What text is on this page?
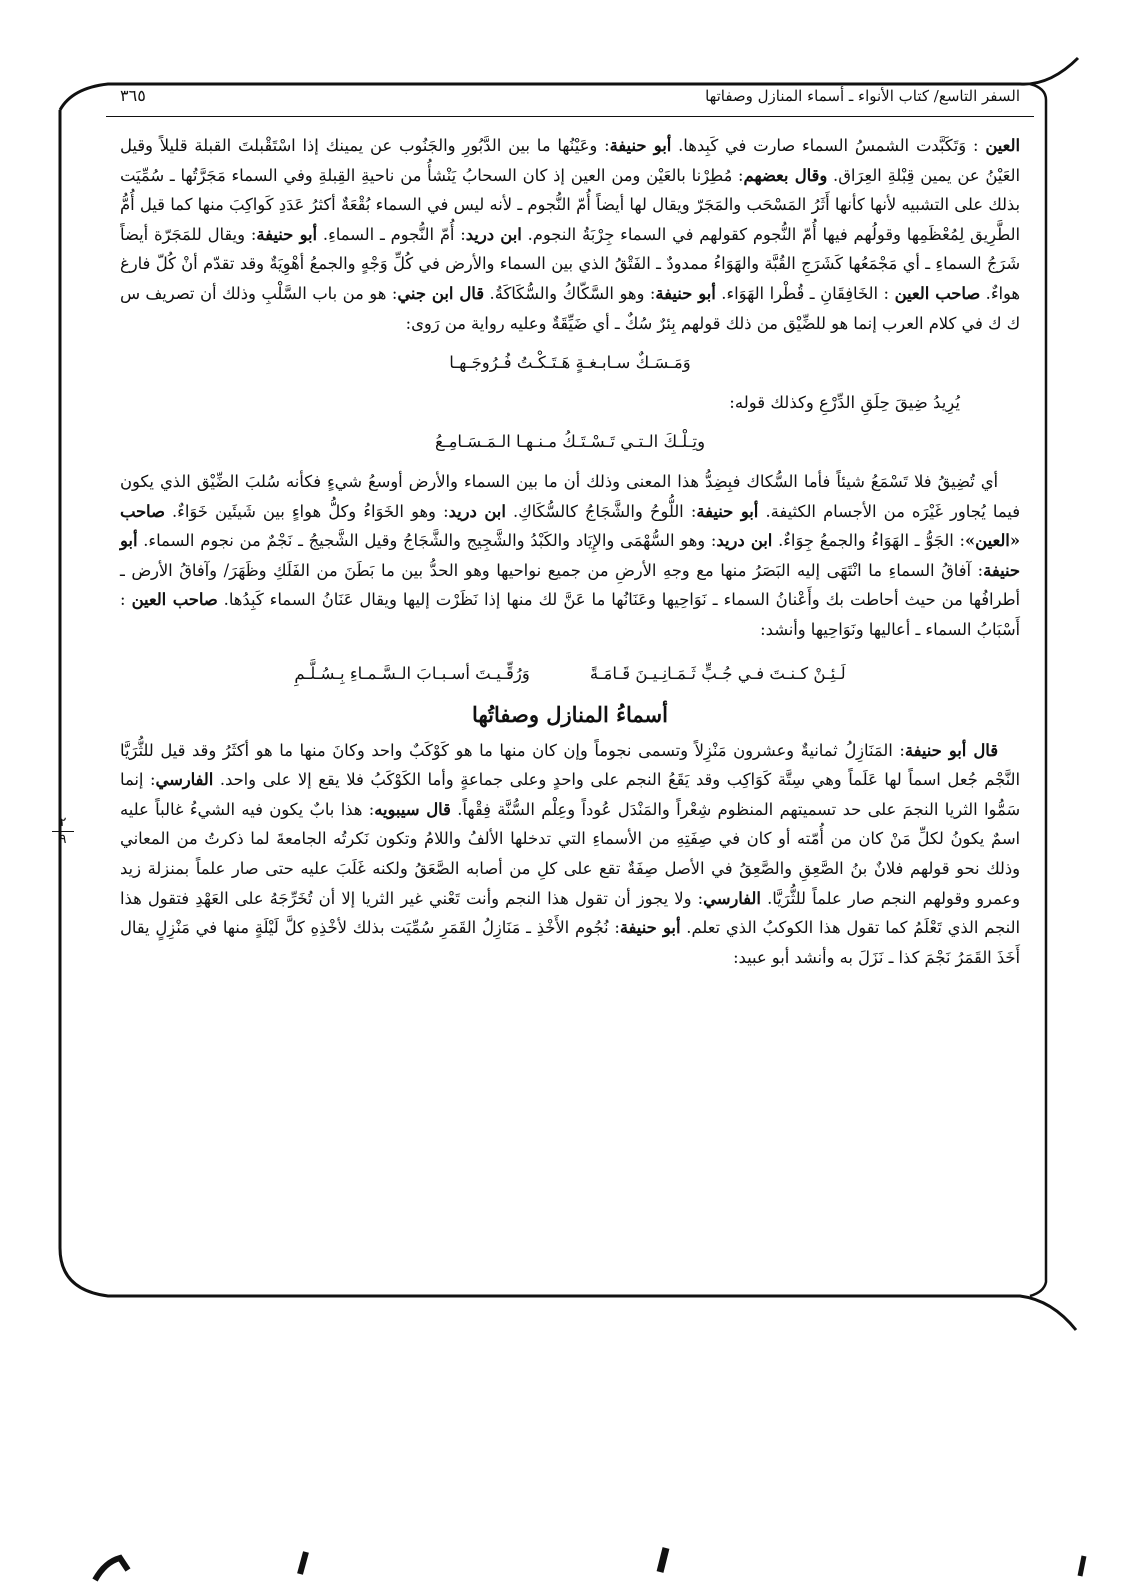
السفر التاسع/ كتاب الأنواء ـ أسماء المنازل وصفاتها
٣٦٥

العين : وَتَكَبَّدت الشمسُ السماء صارت في كَبِدها. أبو حنيفة: وعَيْنُها ما بين الدَّبُورِ والجَنُوب عن يمينك إذا اسْتَقْبلتَ القبلة قليلاً وقيل العَيْنُ عن يمين قِبْلةِ العِرَاق. وقال بعضهم: مُطِرْنا بالعَيْن ومن العين إذ كان السحابُ يَنْشأُ من ناحيةِ القِبلةِ وفي السماء مَجَرَّتُها ـ سُمِّيَت بذلك على التشبيه لأنها كأنها أَثَرُ المَسْحَب والمَجَرّ ويقال لها أيضاً أُمّ النُّجوم ـ لأنه ليس في السماء بُقْعَةٌ أكثرُ عَدَدِ كَواكِبَ منها كما قيل أُمُّ الطَّرِيق لِمُعْظَمِها وقولُهم فيها أُمّ النُّجوم كقولهم في السماء جِرْبَةُ النجوم. ابن دريد: أُمّ النُّجوم ـ السماءِ. أبو حنيفة: ويقال للمَجَرّة أيضاً شَرَجُ السماءِ ـ أي مَجْمَعُها كَشَرَجِ القُبَّة والهَوَاءُ ممدودٌ ـ الفَتْقُ الذي بين السماء والأرض في كُلِّ وَجْهٍ والجمعُ أهْوِيَةٌ وقد تقدّم أنْ كُلّ فارغ هواءٌ. صاحب العين : الخَافِقَانِ ـ قُطْرا الهَوَاء. أبو حنيفة: وهو السَّكّاكُ والسُّكَاكَةُ. قال ابن جني: هو من باب السَّلْبِ وذلك أن تصريف س ك ك في كلام العرب إنما هو للضِّيْق من ذلك قولهم بِئرٌ سُكٌ ـ أي ضَيِّقَةٌ وعليه رواية من رَوى:

وَمَـسَـكٌ سـابـغـةٍ هَـتَـكْـتُ فُـرُوجَـهـا
يُرِيدُ ضِيقَ حِلَقِ الدِّرْعِ وكذلك قوله:
وتِـلْـكَ الـتـي تَـسْـتَـكُ مـنـهـا الـمَـسَـامِـعُ

أي تُضِيقُ فلا تَسْمَعُ شيئاً فأما السُّكاك فبِضِدُّ هذا المعنى وذلك أن ما بين السماء والأرض أوسعُ شيءٍ فكأنه سُلبَ الضِّيْق الذي يكون فيما يُجاور غَيْرَه من الأجسام الكثيفة. أبو حنيفة: اللُّوحُ والشَّجَاجُ كالسُّكَاكِ. ابن دريد: وهو الخَوَاءُ وكلُّ هواءٍ بين شَيئَين خَوَاءٌ. صاحب «العين»: الجَوُّ ـ الهَوَاءُ والجمعُ جِوَاءٌ. ابن دريد: وهو السُّهْمَى والإِيَاد والكَبْدُ والشَّجِيج والشَّجَاجُ وقيل الشَّجيجُ ـ نَجْمٌ من نجوم السماء. أبو حنيفة: آفاقُ السماءِ ما انْتَهَى إليه البَصَرُ منها مع وجهِ الأرضِ من جميع نواحيها وهو الحدُّ بين ما بَطَنَ من الفَلَكِ وظَهَرَ/ وآفاقُ الأرض ـ أطرافُها من حيث أحاطت بك وأَعْنانُ السماء ـ نَوَاحِيها وعَنَانُها ما عَنَّ لك منها إذا نَظَرْت إليها ويقال عَنَانُ السماء كَبِدُها. صاحب العين : أَسْبَابُ السماء ـ أعاليها ونَوَاحِيها وأنشد:

لَـئِـنْ كـنـتَ فـي جُـبٍّ ثَـمَـانِـيـنَ قَـامَـةً
وَرُقِّـيـتَ أسـبـابَ الـسَّـمـاءِ بِـسُـلَّـمِ
أسماءُ المنازل وصفاتُها

قال أبو حنيفة: المَنَازِلُ ثمانيةٌ وعشرون مَنْزِلاً وتسمى نجوماً وإن كان منها ما هو كَوْكَبٌ واحد وكانَ منها ما هو أكثَرُ وقد قيل للثُّرَيَّا النَّجْم جُعل اسماً لها عَلَماً وهي سِتَّة كَوَاكِب وقد يَقَعُ النجم على واحدٍ وعلى جماعةٍ وأما الكَوْكَبُ فلا يقع إلا على واحد. الفارسي: إنما سَمُّوا الثريا النجمَ على حد تسميتهم المنظوم شِعْراً والمَنْدَل عُوداً وعِلْم السُّنَّة فِقْهاً. قال سيبويه: هذا بابٌ يكون فيه الشيءُ غالباً عليه اسمٌ يكونُ لكلِّ مَنْ كان من أُمّته أو كان في صِفَتِهِ من الأسماءِ التي تدخلها الألفُ واللامُ وتكون نَكرتُه الجامعةَ لما ذكرتُ من المعاني وذلك نحو قولهم فلانٌ بنُ الصَّعِقِ والصَّعِقُ في الأصل صِفَةٌ تقع على كلِ من أصابه الصَّعَقُ ولكنه غَلَبَ عليه حتى صار علماً بمنزلة زيد وعمرو وقولهم النجم صار علماً للثُّرَيَّا. الفارسي: ولا يجوز أن تقول هذا النجم وأنت تَعْني غير الثريا إلا أن تُخَرِّجَهُ على العَهْدِ فتقول هذا النجم الذي تَعْلَمُ كما تقول هذا الكوكبُ الذي تعلم. أبو حنيفة: نُجُوم الأَخْذِ ـ مَنَازِلُ القَمَرِ سُمِّيَت بذلك لأخْذِهِ كلَّ لَيْلَةٍ منها في مَنْزِلٍ يقال أَخَذَ القَمَرُ نَجْمَ كذا ـ نَزَلَ به وأنشد أبو عبيد:

٢
٩
